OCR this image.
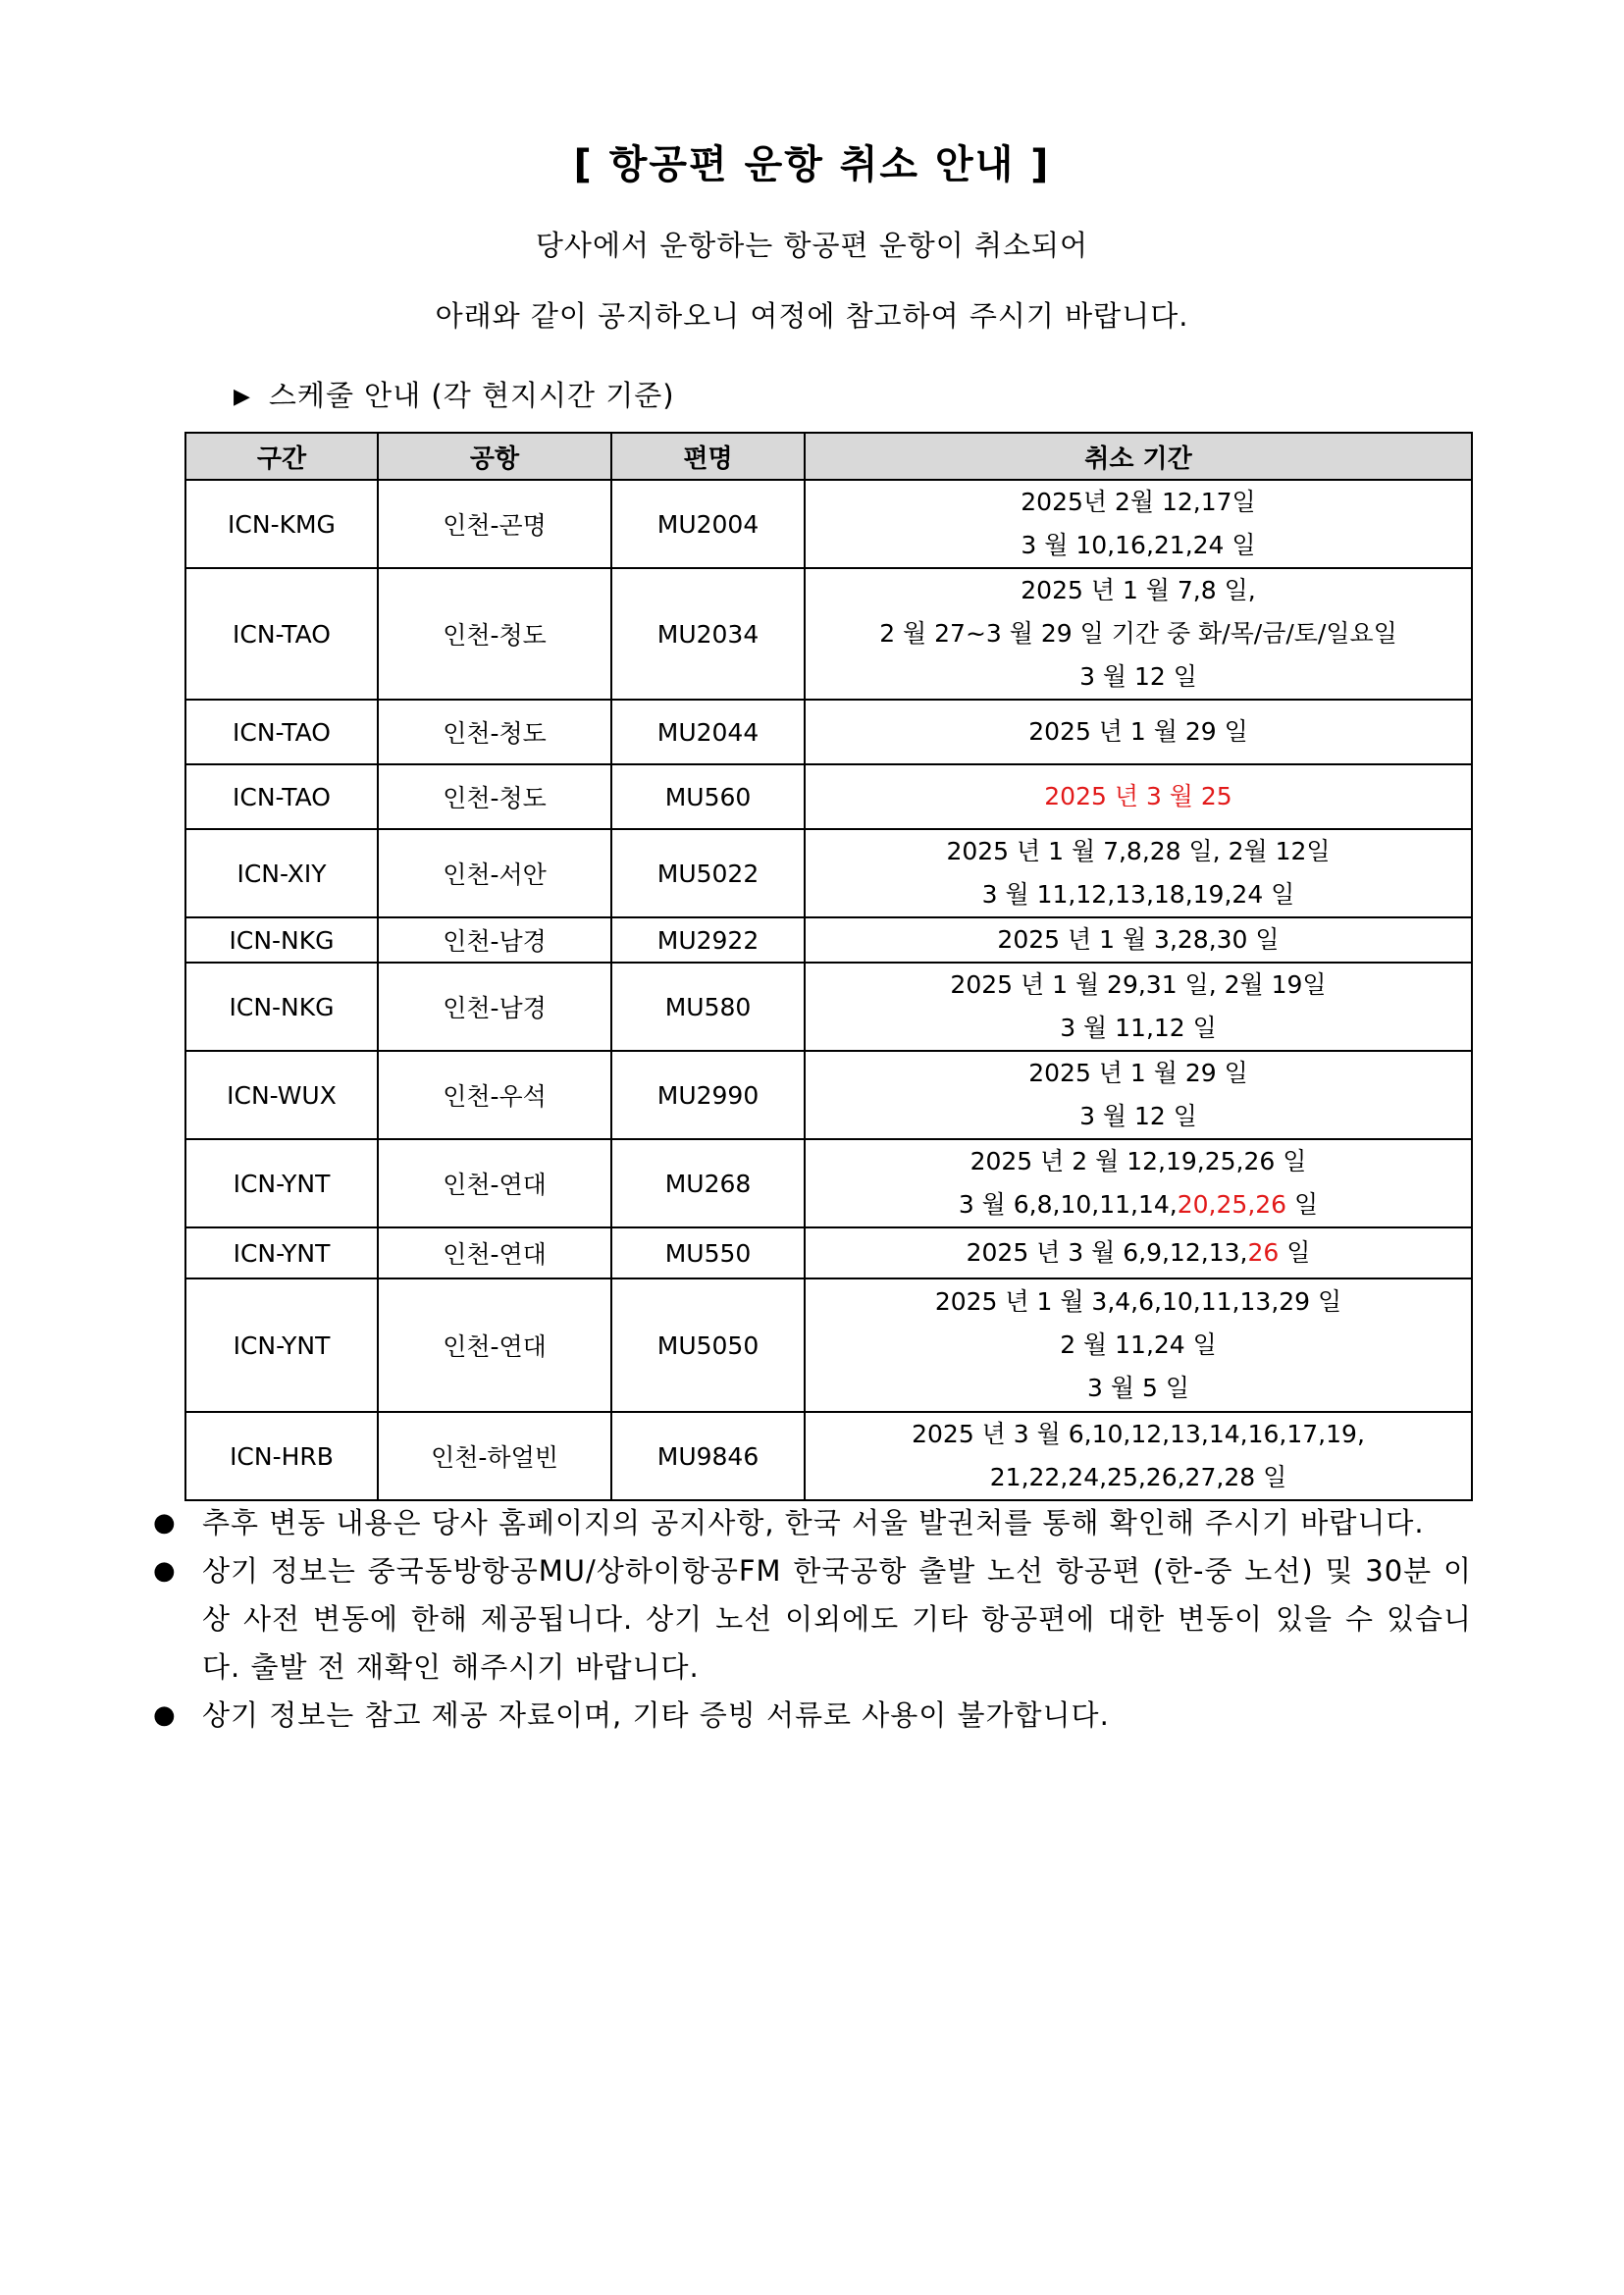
[ 항공편 운항 취소 안내 ]
당사에서 운항하는 항공편 운항이 취소되어
아래와 같이 공지하오니 여정에 참고하여 주시기 바랍니다.
▶ 스케줄 안내 (각 현지시간 기준)
구간	공항	편명	취소 기간
ICN-KMG	인천-곤명	MU2004	2025년 2월 12,17일
3 월 10,16,21,24 일

ICN-TAO	인천-청도	MU2034	2025 년 1 월 7,8 일,
2 월 27~3 월 29 일 기간 중 화/목/금/토/일요일
3 월 12 일

ICN-TAO	인천-청도	MU2044	2025 년 1 월 29 일

ICN-TAO	인천-청도	MU560	2025 년 3 월 25

ICN-XIY	인천-서안	MU5022	2025 년 1 월 7,8,28 일, 2월 12일
3 월 11,12,13,18,19,24 일

ICN-NKG	인천-남경	MU2922	2025 년 1 월 3,28,30 일

ICN-NKG	인천-남경	MU580	2025 년 1 월 29,31 일, 2월 19일
3 월 11,12 일

ICN-WUX	인천-우석	MU2990	2025 년 1 월 29 일
3 월 12 일

ICN-YNT	인천-연대	MU268	2025 년 2 월 12,19,25,26 일
3 월 6,8,10,11,14,20,25,26 일

ICN-YNT	인천-연대	MU550	2025 년 3 월 6,9,12,13,26 일

ICN-YNT	인천-연대	MU5050	2025 년 1 월 3,4,6,10,11,13,29 일
2 월 11,24 일
3 월 5 일

ICN-HRB	인천-하얼빈	MU9846	2025 년 3 월 6,10,12,13,14,16,17,19,
21,22,24,25,26,27,28 일
● 추후 변동 내용은 당사 홈페이지의 공지사항, 한국 서울 발권처를 통해 확인해 주시기 바랍니다.
● 상기 정보는 중국동방항공MU/상하이항공FM 한국공항 출발 노선 항공편 (한-중 노선) 및 30분 이상 사전 변동에 한해 제공됩니다. 상기 노선 이외에도 기타 항공편에 대한 변동이 있을 수 있습니다. 출발 전 재확인 해주시기 바랍니다.
● 상기 정보는 참고 제공 자료이며, 기타 증빙 서류로 사용이 불가합니다.
